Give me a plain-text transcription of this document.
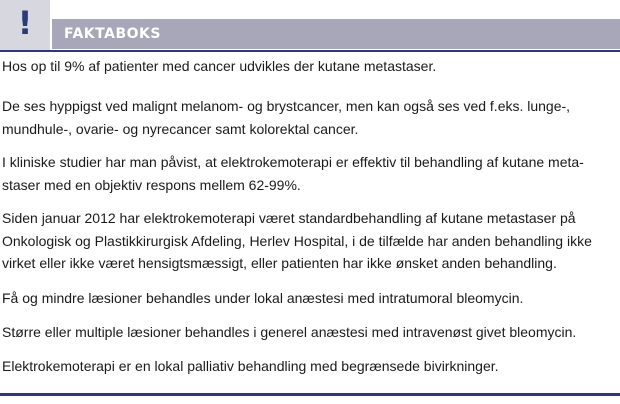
!	FAKTABOKS
Hos op til 9% af patienter med cancer udvikles der kutane metastaser.
De ses hyppigst ved malignt melanom- og brystcancer, men kan også ses ved f.eks. lunge-,
mundhule-, ovarie- og nyrecancer samt kolorektal cancer.
I kliniske studier har man påvist, at elektrokemoterapi er effektiv til behandling af kutane meta-
staser med en objektiv respons mellem 62-99%.
Siden januar 2012 har elektrokemoterapi været standardbehandling af kutane metastaser på
Onkologisk og Plastikkirurgisk Afdeling, Herlev Hospital, i de tilfælde har anden behandling ikke
virket eller ikke været hensigtsmæssigt, eller patienten har ikke ønsket anden behandling.
Få og mindre læsioner behandles under lokal anæstesi med intratumoral bleomycin.
Større eller multiple læsioner behandles i generel anæstesi med intravenøst givet bleomycin.
Elektrokemoterapi er en lokal palliativ behandling med begrænsede bivirkninger.
